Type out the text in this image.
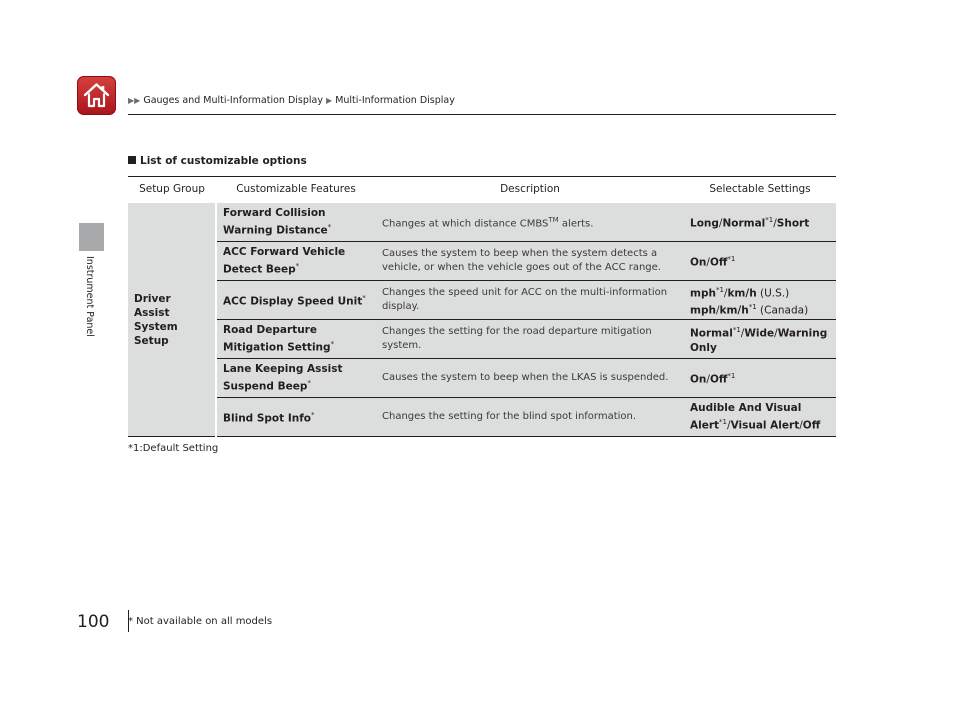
▶▶ Gauges and Multi-Information Display ▶ Multi-Information Display
Instrument Panel
List of customizable options
Setup Group	Customizable Features	Description	Selectable Settings
Driver Assist
System
Setup	Forward Collision
Warning Distance*	Changes at which distance CMBS™ alerts.	Long/Normal$^{*1}$/Short
	ACC Forward Vehicle
Detect Beep*	Causes the system to beep when the system detects a vehicle, or when the vehicle goes out of the ACC range.	On/Off$^{*1}$
	ACC Display Speed Unit*	Changes the speed unit for ACC on the multi-information display.	mph$^{*1}$/km/h (U.S.)
mph/$km/h^{*1}$ (Canada)
	Road Departure
Mitigation Setting*	Changes the setting for the road departure mitigation system.	Normal$^{*1}$/Wide/Warning Only
	Lane Keeping Assist
Suspend Beep*	Causes the system to beep when the LKAS is suspended.	On/Off$^{*1}$
	Blind Spot Info*	Changes the setting for the blind spot information.	Audible And Visual Alert$^{*1}$/Visual Alert/Off
*1:Default Setting
100 * Not available on all models
